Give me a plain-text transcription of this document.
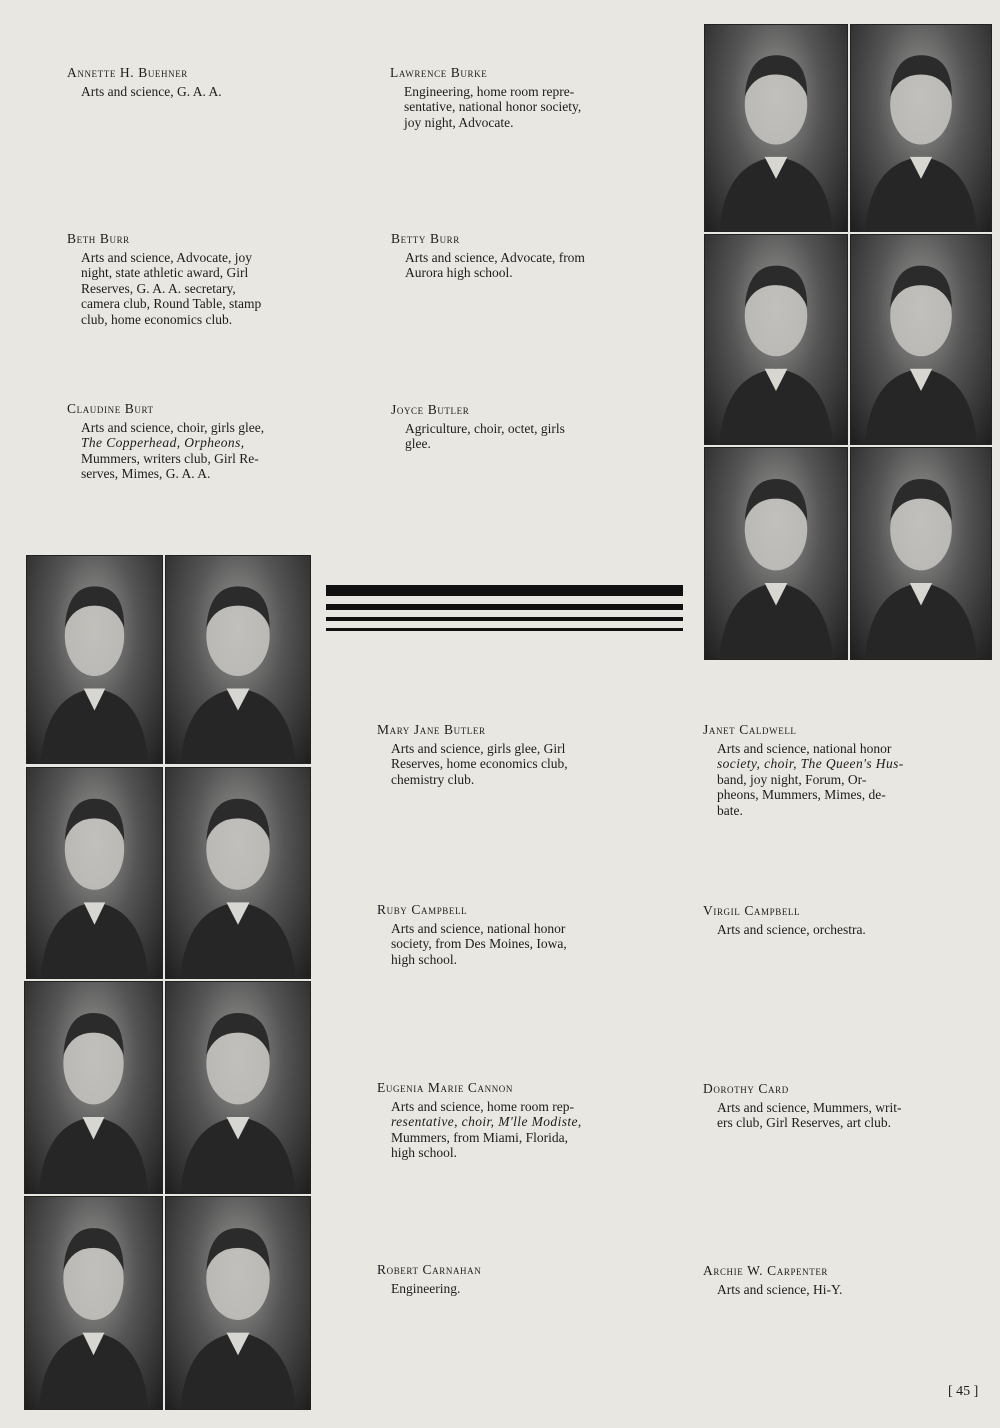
Annette H. Buehner
Arts and science, G. A. A.
Lawrence Burke
Engineering, home room repre-
sentative, national honor society,
joy night, Advocate.
Beth Burr
Arts and science, Advocate, joy
night, state athletic award, Girl
Reserves, G. A. A. secretary,
camera club, Round Table, stamp
club, home economics club.
Betty Burr
Arts and science, Advocate, from
Aurora high school.
Claudine Burt
Arts and science, choir, girls glee,
The Copperhead, Orpheons,
Mummers, writers club, Girl Re-
serves, Mimes, G. A. A.
Joyce Butler
Agriculture, choir, octet, girls
glee.
Mary Jane Butler
Arts and science, girls glee, Girl
Reserves, home economics club,
chemistry club.
Janet Caldwell
Arts and science, national honor
society, choir, The Queen's Hus-
band, joy night, Forum, Or-
pheons, Mummers, Mimes, de-
bate.
Ruby Campbell
Arts and science, national honor
society, from Des Moines, Iowa,
high school.
Virgil Campbell
Arts and science, orchestra.
Eugenia Marie Cannon
Arts and science, home room rep-
resentative, choir, M'lle Modiste,
Mummers, from Miami, Florida,
high school.
Dorothy Card
Arts and science, Mummers, writ-
ers club, Girl Reserves, art club.
Robert Carnahan
Engineering.
Archie W. Carpenter
Arts and science, Hi-Y.
[ 45 ]
